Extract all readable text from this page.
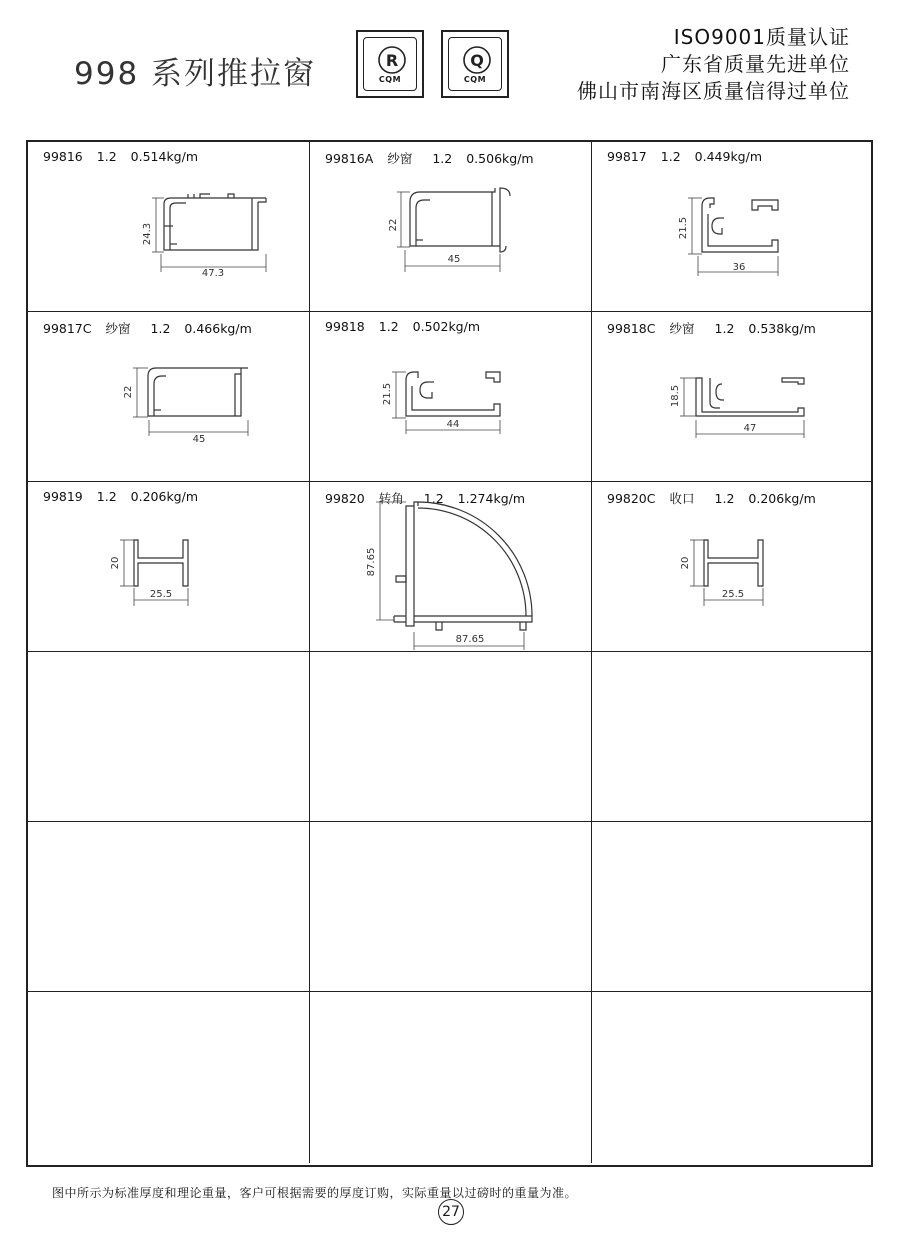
998 系列推拉窗	R
CQM
Q
CQM
ISO9001质量认证
广东省质量先进单位
佛山市南海区质量信得过单位
99816 1.2 0.514kg/m
24.3
47.3
99816A 纱窗 1.2 0.506kg/m
22
45
99817 1.2 0.449kg/m
21.5
36
99817C 纱窗 1.2 0.466kg/m
22
45
99818 1.2 0.502kg/m
21.5
44
99818C 纱窗 1.2 0.538kg/m
18.5
47
99819 1.2 0.206kg/m
20
25.5
99820 转角 1.2 1.274kg/m
87.65
87.65
99820C 收口 1.2 0.206kg/m
20
25.5
图中所示为标准厚度和理论重量，客户可根据需要的厚度订购，实际重量以过磅时的重量为准。
27
